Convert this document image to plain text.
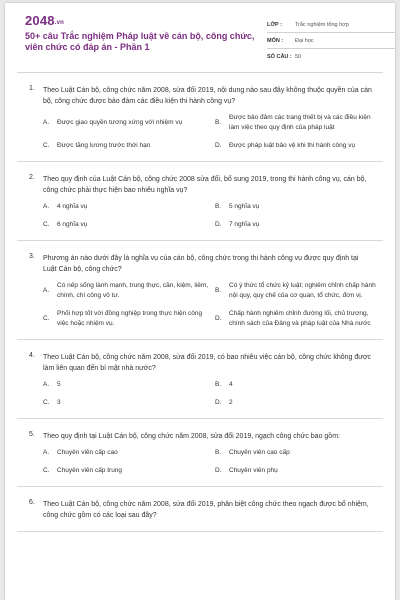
2048.vn
50+ câu Trắc nghiệm Pháp luật về cán bộ, công chức, viên chức có đáp án - Phần 1
LỚP :	Trắc nghiệm tổng hợp
MÔN :	Đại học
SỐ CÂU : 50
1. Theo Luật Cán bộ, công chức năm 2008, sửa đổi 2019, nội dung nào sau đây không thuộc quyền của cán bộ, công chức được bảo đảm các điều kiện thi hành công vụ?
A.	Được giao quyền tương xứng với nhiệm vụ	B.
Được bảo đảm các trang thiết bị và các điều kiện làm việc theo quy định của pháp luật
C.	Được tăng lương trước thời hạn	D.	Được pháp luật bảo vệ khi thi hành công vụ
2. Theo quy định của Luật Cán bộ, công chức 2008 sửa đổi, bổ sung 2019, trong thi hành công vụ, cán bộ, công chức phải thực hiện bao nhiêu nghĩa vụ?
A.	4 nghĩa vụ	B.	5 nghĩa vụ
C.	6 nghĩa vụ	D.	7 nghĩa vụ
3. Phương án nào dưới đây là nghĩa vụ của cán bộ, công chức trong thi hành công vụ được quy định tại Luật Cán bộ, công chức?
A.
Có nếp sống lành mạnh, trung thực, cần, kiệm, liêm, chính, chí công vô tư.
B.
Có ý thức tổ chức kỷ luật; nghiêm chỉnh chấp hành nội quy, quy chế của cơ quan, tổ chức, đơn vị.
C.
Phối hợp tốt với đồng nghiệp trong thực hiện công việc hoặc nhiệm vụ.
D.
Chấp hành nghiêm chỉnh đường lối, chủ trương, chính sách của Đảng và pháp luật của Nhà nước
4. Theo Luật Cán bộ, công chức năm 2008, sửa đổi 2019, có bao nhiêu việc cán bộ, công chức không được làm liên quan đến bí mật nhà nước?
A.	5	B.	4
C.	3	D.	2
5. Theo quy định tại Luật Cán bộ, công chức năm 2008, sửa đổi 2019, ngạch công chức bao gồm:
A.	Chuyên viên cấp cao	B.	Chuyên viên cao cấp
C.	Chuyên viên cấp trung	D.	Chuyên viên phụ
6. Theo Luật Cán bộ, công chức năm 2008, sửa đổi 2019, phân biệt công chức theo ngạch được bổ nhiệm, công chức gồm có các loại sau đây?
